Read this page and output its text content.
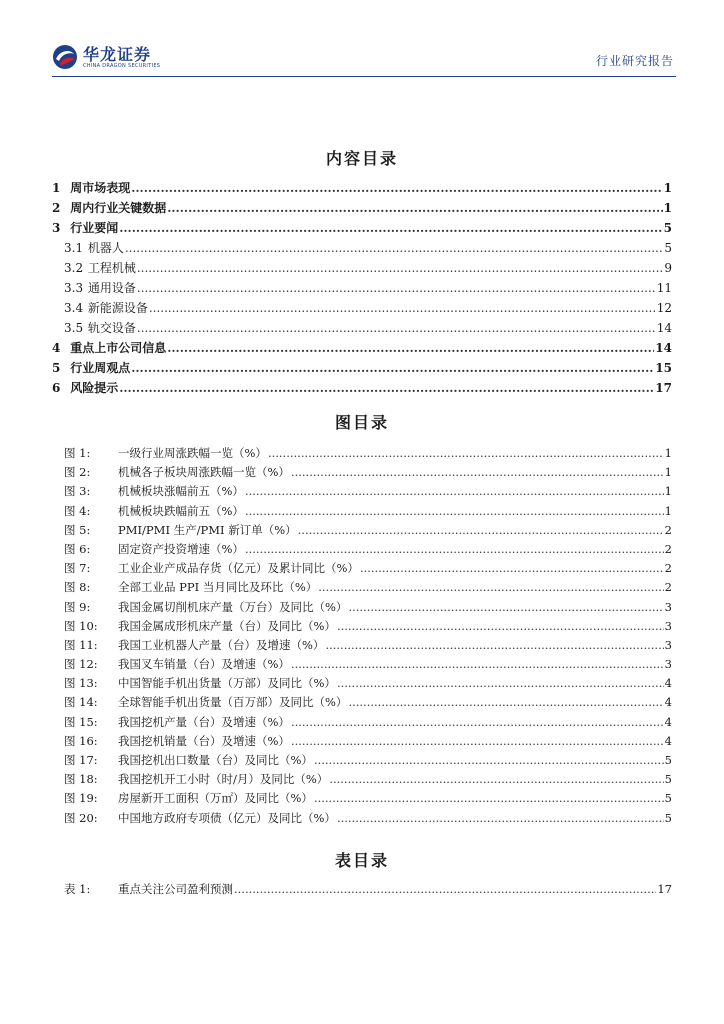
华龙证券
CHINA DRAGON SECURITIES	行业研究报告
内容目录
1 周市场表现 .....	1
2 周内行业关键数据 .....	1
3 行业要闻 .....	5
3.1 机器人 .....	5
3.2 工程机械 .....	9
3.3 通用设备 .....	11
3.4 新能源设备 .....	12
3.5 轨交设备 .....	14
4 重点上市公司信息 .....	14
5 行业周观点 .....	15
6 风险提示 .....	17
图目录
图 1: 一级行业周涨跌幅一览（%） .....	1
图 2: 机械各子板块周涨跌幅一览（%） .....	1
图 3: 机械板块涨幅前五（%） .....	1
图 4: 机械板块跌幅前五（%） .....	1
图 5: PMI/PMI 生产/PMI 新订单（%） .....	2
图 6: 固定资产投资增速（%） .....	2
图 7: 工业企业产成品存货（亿元）及累计同比（%） .....	2
图 8: 全部工业品 PPI 当月同比及环比（%） .....	2
图 9: 我国金属切削机床产量（万台）及同比（%） .....	3
图 10: 我国金属成形机床产量（台）及同比（%） .....	3
图 11: 我国工业机器人产量（台）及增速（%） .....	3
图 12: 我国叉车销量（台）及增速（%） .....	3
图 13: 中国智能手机出货量（万部）及同比（%） .....	4
图 14: 全球智能手机出货量（百万部）及同比（%） .....	4
图 15: 我国挖机产量（台）及增速（%） .....	4
图 16: 我国挖机销量（台）及增速（%） .....	4
图 17: 我国挖机出口数量（台）及同比（%） .....	5
图 18: 我国挖机开工小时（时/月）及同比（%） .....	5
图 19: 房屋新开工面积（万㎡）及同比（%） .....	5
图 20: 中国地方政府专项债（亿元）及同比（%） .....	5
表目录
表 1: 重点关注公司盈利预测 .....	17
